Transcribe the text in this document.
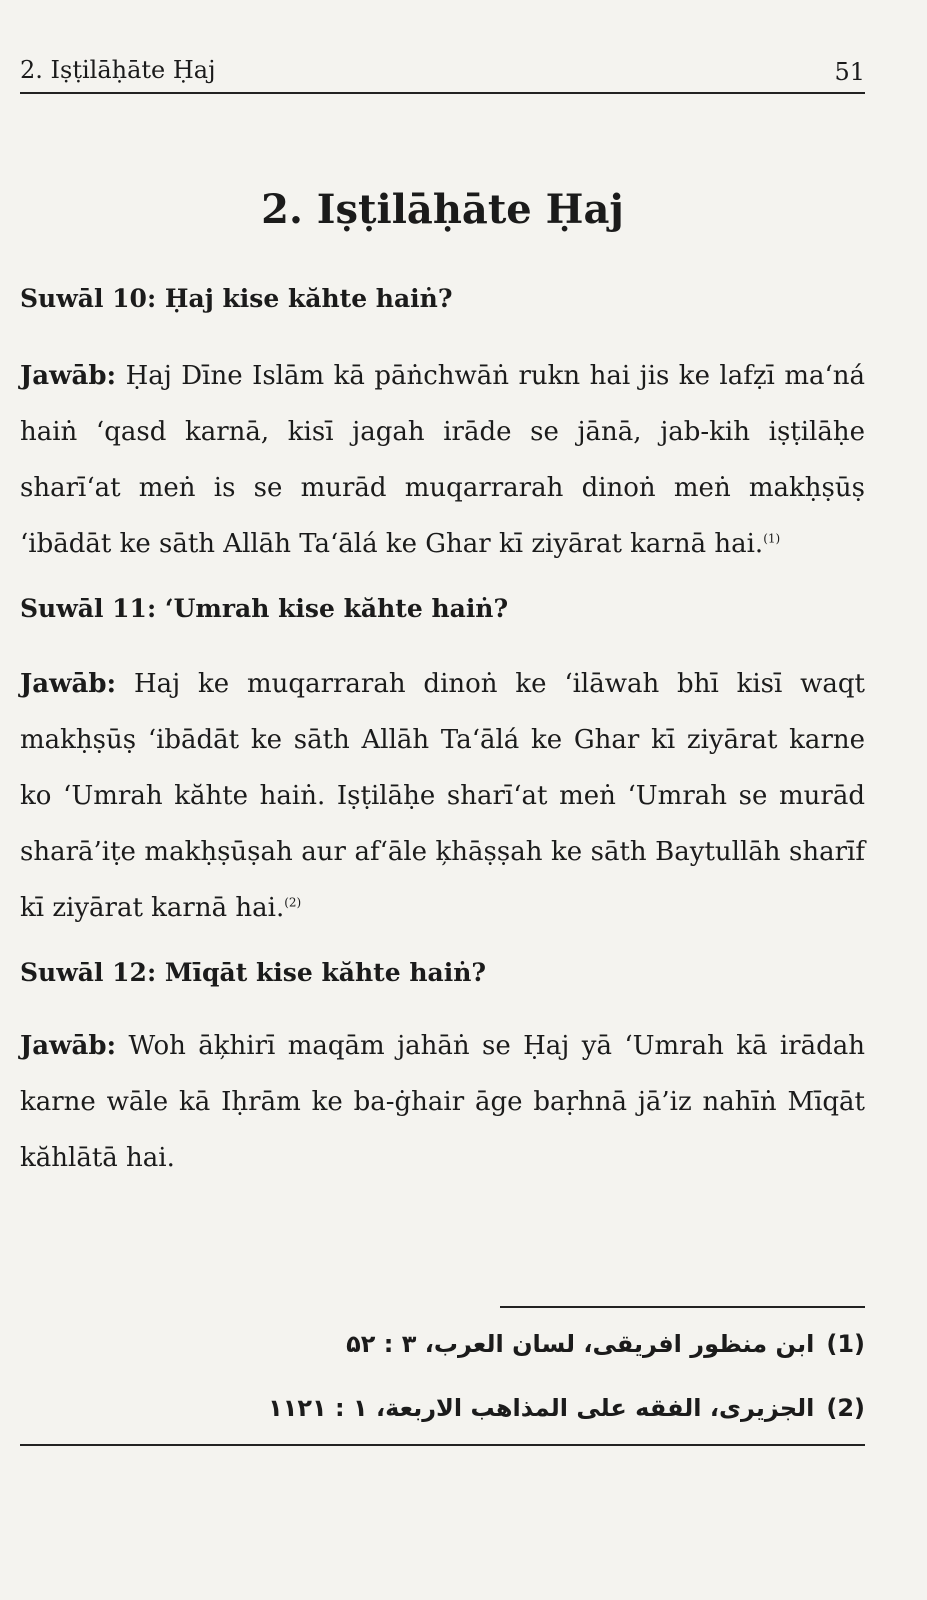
2. Iṣṭilāḥāte Ḥaj	51
2. Iṣṭilāḥāte Ḥaj
Suwāl 10: Ḥaj kise kăhte haiṅ?
Jawāb: Ḥaj Dīne Islām kā pāṅchwāṅ rukn hai jis ke lafẓī ma‘ná haiṅ ‘qasd karnā, kisī jagah irāde se jānā, jab-kih iṣṭilāḥe sharī‘at meṅ is se murād muqarrarah dinoṅ meṅ makḥṣūṣ ‘ibādāt ke sāth Allāh Ta‘ālá ke Ghar kī ziyārat karnā hai.$^{(1)}$
Suwāl 11: ‘Umrah kise kăhte haiṅ?
Jawāb: Haj ke muqarrarah dinoṅ ke ‘ilāwah bhī kisī waqt makḥṣūṣ ‘ibādāt ke sāth Allāh Ta‘ālá ke Ghar kī ziyārat karne ko ‘Umrah kăhte haiṅ. Iṣṭilāḥe sharī‘at meṅ ‘Umrah se murād sharā’iṭe makḥṣūṣah aur af‘āle ķhāṣṣah ke sāth Baytullāh sharīf kī ziyārat karnā hai.$^{(2)}$
Suwāl 12: Mīqāt kise kăhte haiṅ?
Jawāb: Woh āķhirī maqām jahāṅ se Ḥaj yā ‘Umrah kā irādah karne wāle kā Iḥrām ke ba-ġhair āge baṛhnā jā’iz nahīṅ Mīqāt kăhlātā hai.
(1)ابن منظور افریقی، لسان العرب، ۳ : ۵۲
(2)الجزیری، الفقه علی المذاهب الاربعة، ۱ : ۱۱۲۱
